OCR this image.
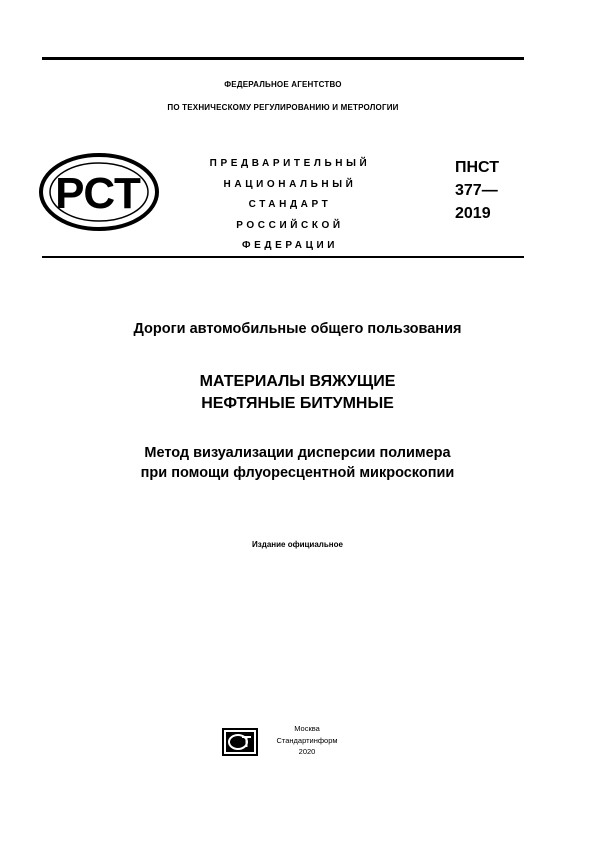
ФЕДЕРАЛЬНОЕ АГЕНТСТВО
ПО ТЕХНИЧЕСКОМУ РЕГУЛИРОВАНИЮ И МЕТРОЛОГИИ
РСТ
ПРЕДВАРИТЕЛЬНЫЙ
НАЦИОНАЛЬНЫЙ
СТАНДАРТ
РОССИЙСКОЙ
ФЕДЕРАЦИИ
ПНСТ
377—
2019
Дороги автомобильные общего пользования
МАТЕРИАЛЫ ВЯЖУЩИЕ
НЕФТЯНЫЕ БИТУМНЫЕ
Метод визуализации дисперсии полимера
при помощи флуоресцентной микроскопии
Издание официальное
Москва
Стандартинформ
2020
